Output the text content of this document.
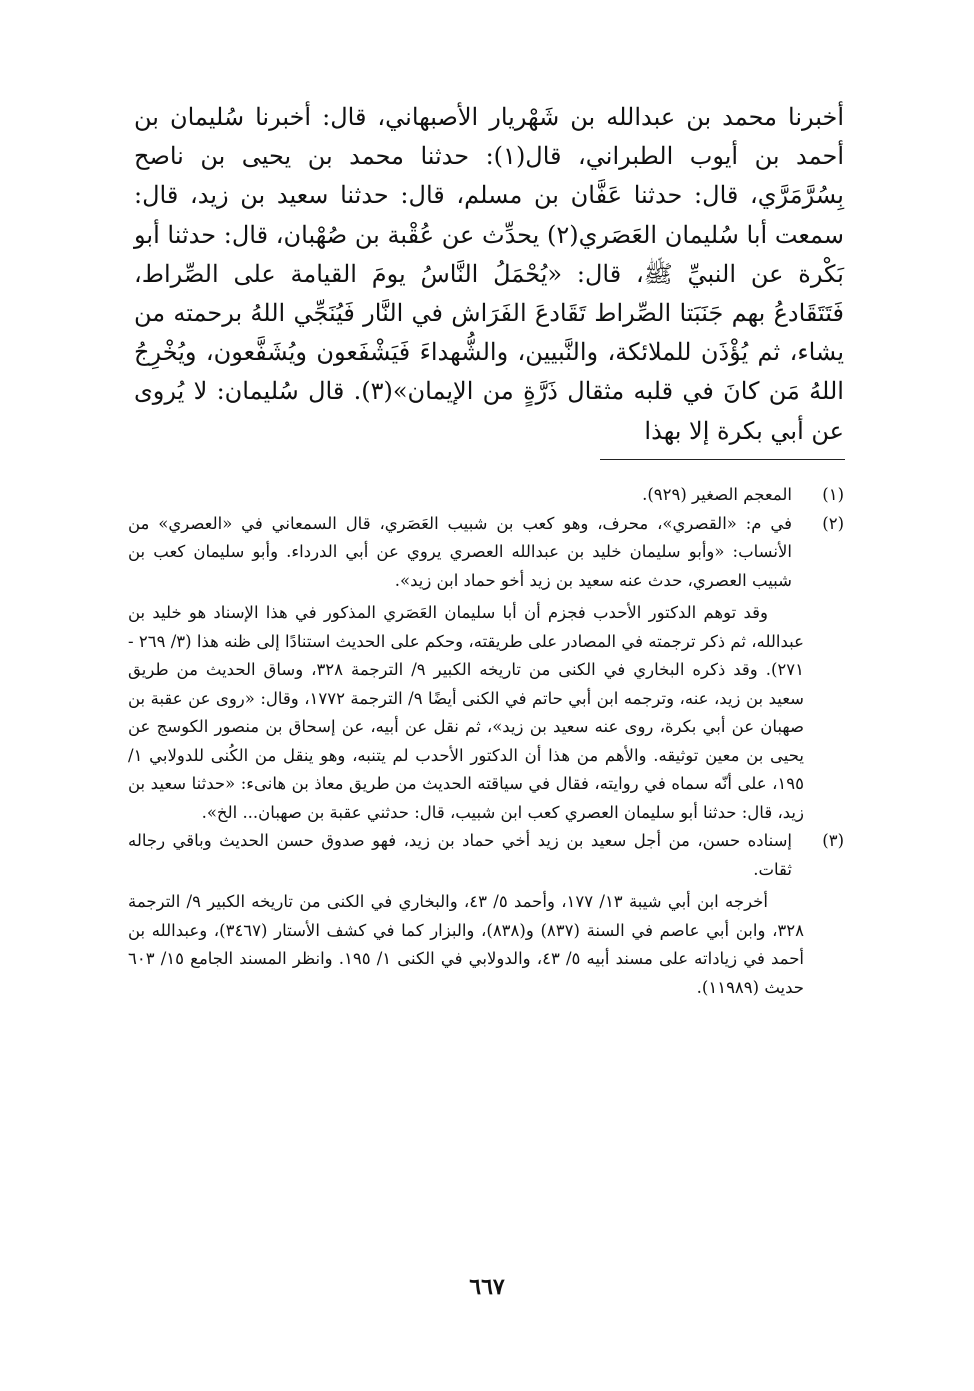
أخبرنا محمد بن عبدالله بن شَهْريار الأصبهاني، قال: أخبرنا سُليمان بن أحمد بن أيوب الطبراني، قال(١): حدثنا محمد بن يحيى بن ناصح بِسُرَّمَرَّي، قال: حدثنا عَفَّان بن مسلم، قال: حدثنا سعيد بن زيد، قال: سمعت أبا سُليمان العَصَري(٢) يحدِّث عن عُقْبة بن صُهْبان، قال: حدثنا أبو بَكْرة عن النبيِّ ﷺ، قال: «يُحْمَلُ النَّاسُ يومَ القيامة على الصِّراط، فَتَتَقَادعُ بهم جَنَبَتا الصِّراط تَقَادعَ الفَرَاش في النَّار فَيُنَجِّي اللهُ برحمته من يشاء، ثم يُؤْذَن للملائكة، والنَّبيين، والشُّهداءَ فَيَشْفَعون ويُشَفَّعون، ويُخْرِجُ اللهُ مَن كانَ في قلبه مثقال ذَرَّةٍ من الإيمان»(٣). قال سُليمان: لا يُروى عن أبي بكرة إلا بهذا

(١)
المعجم الصغير (٩٢٩).
(٢)
في م: «القصري»، محرف، وهو كعب بن شبيب العَصَري، قال السمعاني في «العصري» من الأنساب: «وأبو سليمان خليد بن عبدالله العصري يروي عن أبي الدرداء. وأبو سليمان كعب بن شبيب العصري، حدث عنه سعيد بن زيد أخو حماد ابن زيد».
وقد توهم الدكتور الأحدب فجزم أن أبا سليمان العَصَري المذكور في هذا الإسناد هو خليد بن عبدالله، ثم ذكر ترجمته في المصادر على طريقته، وحكم على الحديث استنادًا إلى ظنه هذا (٣/ ٢٦٩ - ٢٧١). وقد ذكره البخاري في الكنى من تاريخه الكبير ٩/ الترجمة ٣٢٨، وساق الحديث من طريق سعيد بن زيد، عنه، وترجمه ابن أبي حاتم في الكنى أيضًا ٩/ الترجمة ١٧٧٢، وقال: «روى عن عقبة بن صهبان عن أبي بكرة، روى عنه سعيد بن زيد»، ثم نقل عن أبيه، عن إسحاق بن منصور الكوسج عن يحيى بن معين توثيقه. والأهم من هذا أن الدكتور الأحدب لم يتنبه، وهو ينقل من الكُنى للدولابي ١/ ١٩٥، على أنّه سماه في روايته، فقال في سياقته الحديث من طريق معاذ بن هانىء: «حدثنا سعيد بن زيد، قال: حدثنا أبو سليمان العصري كعب ابن شبيب، قال: حدثني عقبة بن صهبان... الخ».
(٣)
إسناده حسن، من أجل سعيد بن زيد أخي حماد بن زيد، فهو صدوق حسن الحديث وباقي رجاله ثقات.
أخرجه ابن أبي شيبة ١٣/ ١٧٧، وأحمد ٥/ ٤٣، والبخاري في الكنى من تاريخه الكبير ٩/ الترجمة ٣٢٨، وابن أبي عاصم في السنة (٨٣٧) و(٨٣٨)، والبزار كما في كشف الأستار (٣٤٦٧)، وعبدالله بن أحمد في زياداته على مسند أبيه ٥/ ٤٣، والدولابي في الكنى ١/ ١٩٥. وانظر المسند الجامع ١٥/ ٦٠٣ حديث (١١٩٨٩).
٦٦٧
